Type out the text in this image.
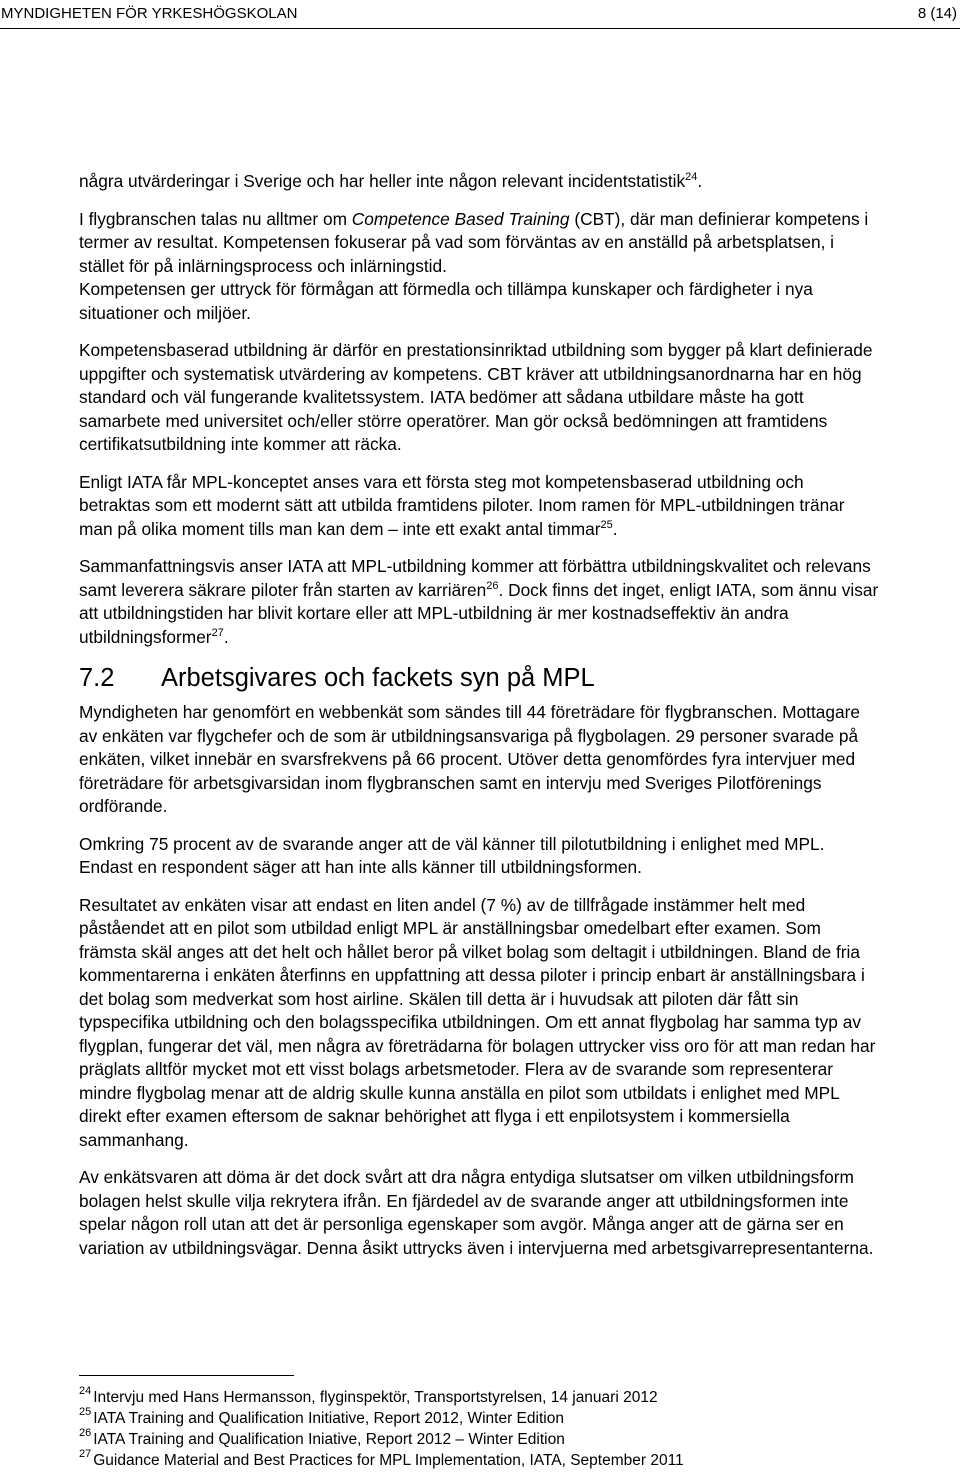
MYNDIGHETEN FÖR YRKESHÖGSKOLAN	8 (14)

några utvärderingar i Sverige och har heller inte någon relevant incidentstatistik$^{24}$.

I flygbranschen talas nu alltmer om Competence Based Training (CBT), där man definierar kompetens i termer av resultat. Kompetensen fokuserar på vad som förväntas av en anställd på arbetsplatsen, i stället för på inlärningsprocess och inlärningstid.

Kompetensen ger uttryck för förmågan att förmedla och tillämpa kunskaper och färdigheter i nya situationer och miljöer.

Kompetensbaserad utbildning är därför en prestationsinriktad utbildning som bygger på klart definierade uppgifter och systematisk utvärdering av kompetens. CBT kräver att utbildningsanordnarna har en hög standard och väl fungerande kvalitetssystem. IATA bedömer att sådana utbildare måste ha gott samarbete med universitet och/eller större operatörer. Man gör också bedömningen att framtidens certifikatsutbildning inte kommer att räcka.

Enligt IATA får MPL-konceptet anses vara ett första steg mot kompetensbaserad utbildning och betraktas som ett modernt sätt att utbilda framtidens piloter. Inom ramen för MPL-utbildningen tränar man på olika moment tills man kan dem – inte ett exakt antal timmar$^{25}$.

Sammanfattningsvis anser IATA att MPL-utbildning kommer att förbättra utbildningskvalitet och relevans samt leverera säkrare piloter från starten av karriären$^{26}$. Dock finns det inget, enligt IATA, som ännu visar att utbildningstiden har blivit kortare eller att MPL-utbildning är mer kostnadseffektiv än andra utbildningsformer$^{27}$.

7.2 Arbetsgivares och fackets syn på MPL

Myndigheten har genomfört en webbenkät som sändes till 44 företrädare för flygbranschen. Mottagare av enkäten var flygchefer och de som är utbildningsansvariga på flygbolagen. 29 personer svarade på enkäten, vilket innebär en svarsfrekvens på 66 procent. Utöver detta genomfördes fyra intervjuer med företrädare för arbetsgivarsidan inom flygbranschen samt en intervju med Sveriges Pilotförenings ordförande.

Omkring 75 procent av de svarande anger att de väl känner till pilotutbildning i enlighet med MPL. Endast en respondent säger att han inte alls känner till utbildningsformen.

Resultatet av enkäten visar att endast en liten andel (7 %) av de tillfrågade instämmer helt med påståendet att en pilot som utbildad enligt MPL är anställningsbar omedelbart efter examen. Som främsta skäl anges att det helt och hållet beror på vilket bolag som deltagit i utbildningen. Bland de fria kommentarerna i enkäten återfinns en uppfattning att dessa piloter i princip enbart är anställningsbara i det bolag som medverkat som host airline. Skälen till detta är i huvudsak att piloten där fått sin typspecifika utbildning och den bolagsspecifika utbildningen. Om ett annat flygbolag har samma typ av flygplan, fungerar det väl, men några av företrädarna för bolagen uttrycker viss oro för att man redan har präglats alltför mycket mot ett visst bolags arbetsmetoder. Flera av de svarande som representerar mindre flygbolag menar att de aldrig skulle kunna anställa en pilot som utbildats i enlighet med MPL direkt efter examen eftersom de saknar behörighet att flyga i ett enpilotsystem i kommersiella sammanhang.

Av enkätsvaren att döma är det dock svårt att dra några entydiga slutsatser om vilken utbildningsform bolagen helst skulle vilja rekrytera ifrån. En fjärdedel av de svarande anger att utbildningsformen inte spelar någon roll utan att det är personliga egenskaper som avgör. Många anger att de gärna ser en variation av utbildningsvägar. Denna åsikt uttrycks även i intervjuerna med arbetsgivarrepresentanterna.

$^{24}$ Intervju med Hans Hermansson, flyginspektör, Transportstyrelsen, 14 januari 2012
$^{25}$ IATA Training and Qualification Initiative, Report 2012, Winter Edition
$^{26}$ IATA Training and Qualification Iniative, Report 2012 – Winter Edition
$^{27}$ Guidance Material and Best Practices for MPL Implementation, IATA, September 2011
